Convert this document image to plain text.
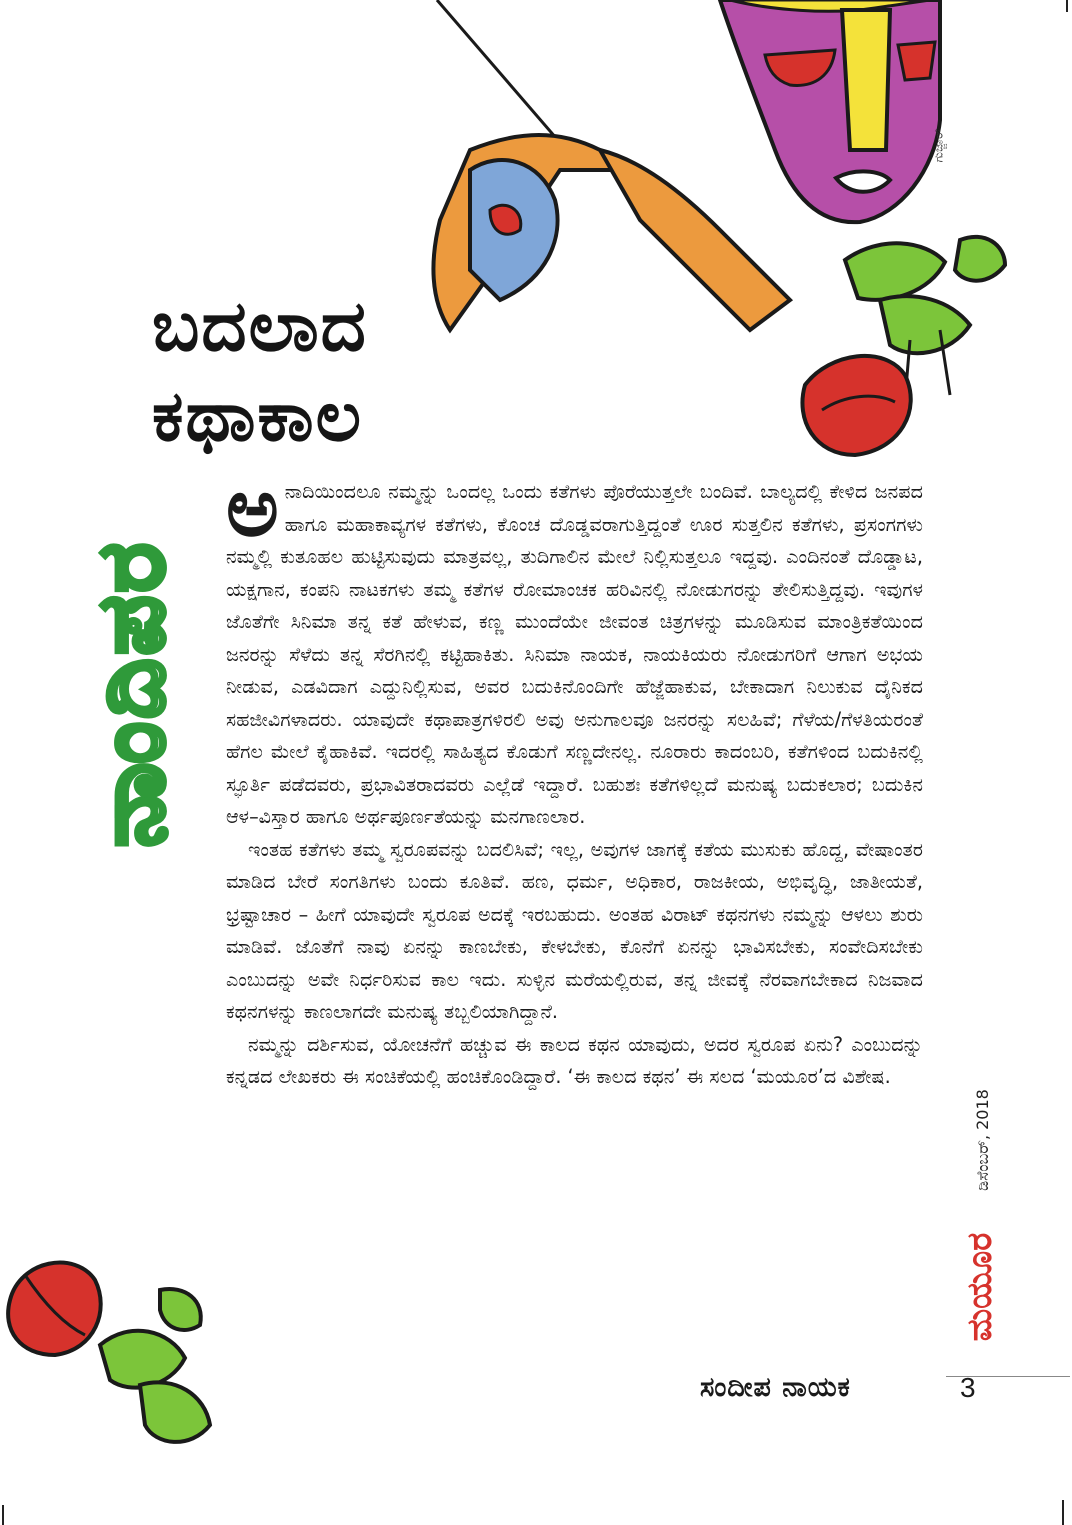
ಗುಜ್ಜಾರ್
ಬದಲಾದ
ಕಥಾಕಾಲ
ನಾಂದಿಪರ

ಅನಾದಿಯಿಂದಲೂ ನಮ್ಮನ್ನು ಒಂದಲ್ಲ ಒಂದು ಕತೆಗಳು ಪೊರೆಯುತ್ತಲೇ ಬಂದಿವೆ. ಬಾಲ್ಯದಲ್ಲಿ ಕೇಳಿದ ಜನಪದ ಹಾಗೂ ಮಹಾಕಾವ್ಯಗಳ ಕತೆಗಳು, ಕೊಂಚ ದೊಡ್ಡವರಾಗುತ್ತಿದ್ದಂತೆ ಊರ ಸುತ್ತಲಿನ ಕತೆಗಳು, ಪ್ರಸಂಗಗಳು ನಮ್ಮಲ್ಲಿ ಕುತೂಹಲ ಹುಟ್ಟಿಸುವುದು ಮಾತ್ರವಲ್ಲ, ತುದಿಗಾಲಿನ ಮೇಲೆ ನಿಲ್ಲಿಸುತ್ತಲೂ ಇದ್ದವು. ಎಂದಿನಂತೆ ದೊಡ್ಡಾಟ, ಯಕ್ಷಗಾನ, ಕಂಪನಿ ನಾಟಕಗಳು ತಮ್ಮ ಕತೆಗಳ ರೋಮಾಂಚಕ ಹರಿವಿನಲ್ಲಿ ನೋಡುಗರನ್ನು ತೇಲಿಸುತ್ತಿದ್ದವು. ಇವುಗಳ ಜೊತೆಗೇ ಸಿನಿಮಾ ತನ್ನ ಕತೆ ಹೇಳುವ, ಕಣ್ಣ ಮುಂದೆಯೇ ಜೀವಂತ ಚಿತ್ರಗಳನ್ನು ಮೂಡಿಸುವ ಮಾಂತ್ರಿಕತೆಯಿಂದ ಜನರನ್ನು ಸೆಳೆದು ತನ್ನ ಸೆರಗಿನಲ್ಲಿ ಕಟ್ಟಿಹಾಕಿತು. ಸಿನಿಮಾ ನಾಯಕ, ನಾಯಕಿಯರು ನೋಡುಗರಿಗೆ ಆಗಾಗ ಅಭಯ ನೀಡುವ, ಎಡವಿದಾಗ ಎದ್ದುನಿಲ್ಲಿಸುವ, ಅವರ ಬದುಕಿನೊಂದಿಗೇ ಹೆಜ್ಜೆಹಾಕುವ, ಬೇಕಾದಾಗ ನಿಲುಕುವ ದೈನಿಕದ ಸಹಜೀವಿಗಳಾದರು. ಯಾವುದೇ ಕಥಾಪಾತ್ರಗಳಿರಲಿ ಅವು ಅನುಗಾಲವೂ ಜನರನ್ನು ಸಲಹಿವೆ; ಗೆಳೆಯ/ಗೆಳತಿಯರಂತೆ ಹೆಗಲ ಮೇಲೆ ಕೈಹಾಕಿವೆ. ಇದರಲ್ಲಿ ಸಾಹಿತ್ಯದ ಕೊಡುಗೆ ಸಣ್ಣದೇನಲ್ಲ. ನೂರಾರು ಕಾದಂಬರಿ, ಕತೆಗಳಿಂದ ಬದುಕಿನಲ್ಲಿ ಸ್ಫೂರ್ತಿ ಪಡೆದವರು, ಪ್ರಭಾವಿತರಾದವರು ಎಲ್ಲೆಡೆ ಇದ್ದಾರೆ. ಬಹುಶಃ ಕತೆಗಳಿಲ್ಲದೆ ಮನುಷ್ಯ ಬದುಕಲಾರ; ಬದುಕಿನ ಆಳ–ವಿಸ್ತಾರ ಹಾಗೂ ಅರ್ಥಪೂರ್ಣತೆಯನ್ನು ಮನಗಾಣಲಾರ.

ಇಂತಹ ಕತೆಗಳು ತಮ್ಮ ಸ್ವರೂಪವನ್ನು ಬದಲಿಸಿವೆ; ಇಲ್ಲ, ಅವುಗಳ ಜಾಗಕ್ಕೆ ಕತೆಯ ಮುಸುಕು ಹೊದ್ದ, ವೇಷಾಂತರ ಮಾಡಿದ ಬೇರೆ ಸಂಗತಿಗಳು ಬಂದು ಕೂತಿವೆ. ಹಣ, ಧರ್ಮ, ಅಧಿಕಾರ, ರಾಜಕೀಯ, ಅಭಿವೃದ್ಧಿ, ಜಾತೀಯತೆ, ಭ್ರಷ್ಟಾಚಾರ – ಹೀಗೆ ಯಾವುದೇ ಸ್ವರೂಪ ಅದಕ್ಕೆ ಇರಬಹುದು. ಅಂತಹ ವಿರಾಟ್ ಕಥನಗಳು ನಮ್ಮನ್ನು ಆಳಲು ಶುರು ಮಾಡಿವೆ. ಜೊತೆಗೆ ನಾವು ಏನನ್ನು ಕಾಣಬೇಕು, ಕೇಳಬೇಕು, ಕೊನೆಗೆ ಏನನ್ನು ಭಾವಿಸಬೇಕು, ಸಂವೇದಿಸಬೇಕು ಎಂಬುದನ್ನು ಅವೇ ನಿರ್ಧರಿಸುವ ಕಾಲ ಇದು. ಸುಳ್ಳಿನ ಮರೆಯಲ್ಲಿರುವ, ತನ್ನ ಜೀವಕ್ಕೆ ನೆರವಾಗಬೇಕಾದ ನಿಜವಾದ ಕಥನಗಳನ್ನು ಕಾಣಲಾಗದೇ ಮನುಷ್ಯ ತಬ್ಬಲಿಯಾಗಿದ್ದಾನೆ.

ನಮ್ಮನ್ನು ದರ್ಶಿಸುವ, ಯೋಚನೆಗೆ ಹಚ್ಚುವ ಈ ಕಾಲದ ಕಥನ ಯಾವುದು, ಅದರ ಸ್ವರೂಪ ಏನು? ಎಂಬುದನ್ನು ಕನ್ನಡದ ಲೇಖಕರು ಈ ಸಂಚಿಕೆಯಲ್ಲಿ ಹಂಚಿಕೊಂಡಿದ್ದಾರೆ. ‘ಈ ಕಾಲದ ಕಥನ’ ಈ ಸಲದ ‘ಮಯೂರ’ದ ವಿಶೇಷ.

ಸಂದೀಪ ನಾಯಕ	3
ಡಿಸೆಂಬರ್, 2018
ಮಯೂರ
